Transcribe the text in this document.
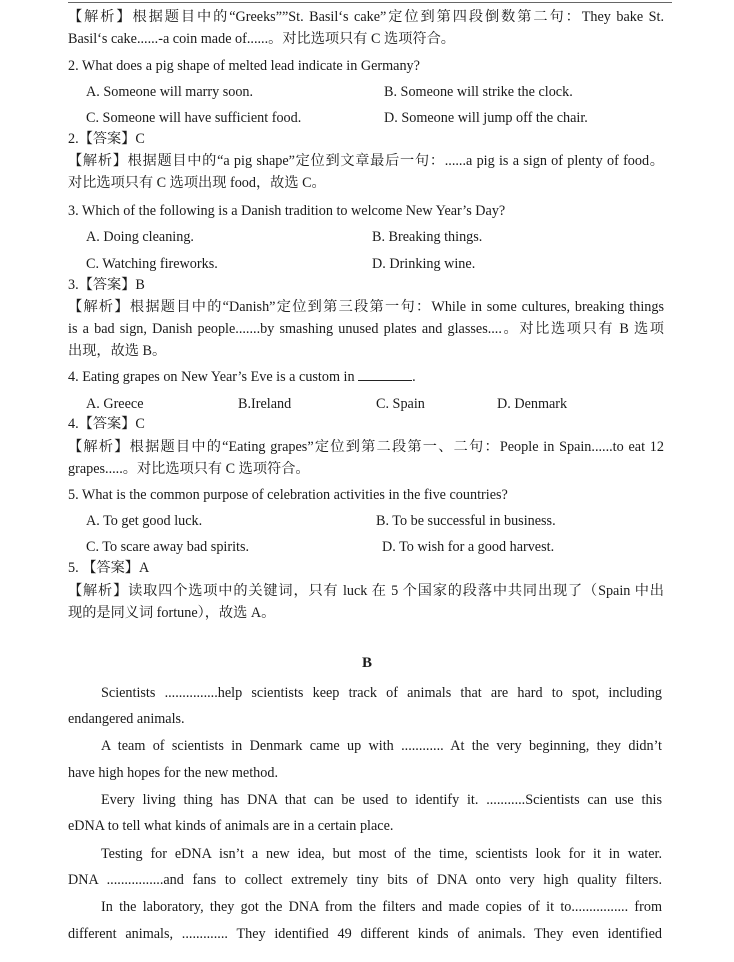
【解析】根据题目中的“Greeks””St. Basil‘s cake”定位到第四段倒数第二句：They bake St.
Basil‘s cake......-a coin made of......。对比选项只有 C 选项符合。
2. What does a pig shape of melted lead indicate in Germany?
A. Someone will marry soon.	B. Someone will strike the clock.
C. Someone will have sufficient food.	D. Someone will jump off the chair.
2.【答案】C
【解析】根据题目中的“a pig shape”定位到文章最后一句：......a pig is a sign of plenty of food。
对比选项只有 C 选项出现 food，故选 C。
3. Which of the following is a Danish tradition to welcome New Year’s Day?
A. Doing cleaning.	B. Breaking things.
C. Watching fireworks.	D. Drinking wine.
3.【答案】B
【解析】根据题目中的“Danish”定位到第三段第一句：While in some cultures, breaking things
is a bad sign, Danish people.......by smashing unused plates and glasses....。对比选项只有 B 选项
出现，故选 B。
4. Eating grapes on New Year’s Eve is a custom in	.
A. Greece	B.Ireland	C. Spain	D. Denmark
4.【答案】C
【解析】根据题目中的“Eating grapes”定位到第二段第一、二句：People in Spain......to eat 12
grapes.....。对比选项只有 C 选项符合。
5. What is the common purpose of celebration activities in the five countries?
A. To get good luck.	B. To be successful in business.
C. To scare away bad spirits.	D. To wish for a good harvest.
5. 【答案】A
【解析】读取四个选项中的关键词，只有 luck 在 5 个国家的段落中共同出现了（Spain 中出
现的是同义词 fortune），故选 A。
B
Scientists ...............help scientists keep track of animals that are hard to spot, including
endangered animals.
A team of scientists in Denmark came up with ............ At the very beginning, they didn’t
have high hopes for the new method.
Every living thing has DNA that can be used to identify it. ...........Scientists can use this
eDNA to tell what kinds of animals are in a certain place.
Testing for eDNA isn’t a new idea, but most of the time, scientists look for it in water.
DNA ................and fans to collect extremely tiny bits of DNA onto very high quality filters.
In the laboratory, they got the DNA from the filters and made copies of it to................ from
different animals, ............. They identified 49 different kinds of animals. They even identified
